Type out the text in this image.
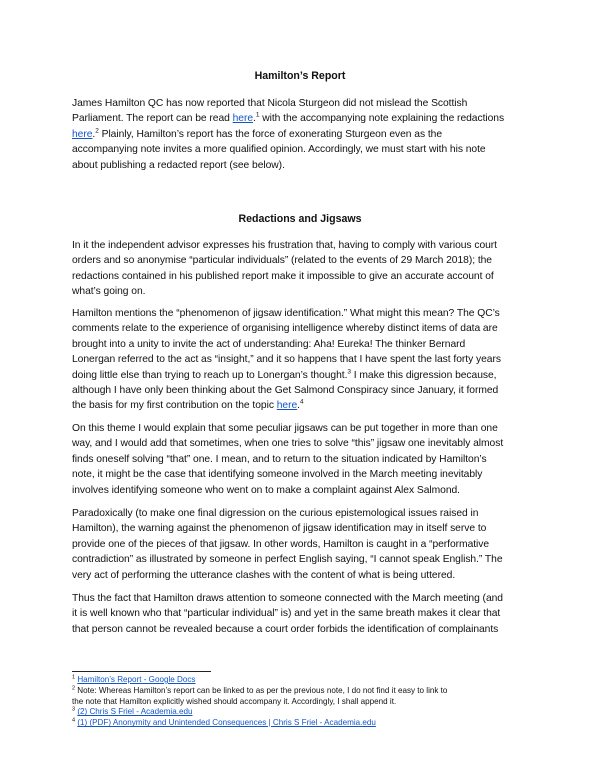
Hamilton’s Report

James Hamilton QC has now reported that Nicola Sturgeon did not mislead the Scottish
Parliament. The report can be read here.$^1$ with the accompanying note explaining the redactions
here.$^2$ Plainly, Hamilton’s report has the force of exonerating Sturgeon even as the
accompanying note invites a more qualified opinion. Accordingly, we must start with his note
about publishing a redacted report (see below).

Redactions and Jigsaws

In it the independent advisor expresses his frustration that, having to comply with various court
orders and so anonymise “particular individuals” (related to the events of 29 March 2018); the
redactions contained in his published report make it impossible to give an accurate account of
what’s going on.

Hamilton mentions the “phenomenon of jigsaw identification.” What might this mean? The QC’s
comments relate to the experience of organising intelligence whereby distinct items of data are
brought into a unity to invite the act of understanding: Aha! Eureka! The thinker Bernard
Lonergan referred to the act as “insight,” and it so happens that I have spent the last forty years
doing little else than trying to reach up to Lonergan’s thought.$^3$ I make this digression because,
although I have only been thinking about the Get Salmond Conspiracy since January, it formed
the basis for my first contribution on the topic here.$^4$

On this theme I would explain that some peculiar jigsaws can be put together in more than one
way, and I would add that sometimes, when one tries to solve “this” jigsaw one inevitably almost
finds oneself solving “that” one. I mean, and to return to the situation indicated by Hamilton’s
note, it might be the case that identifying someone involved in the March meeting inevitably
involves identifying someone who went on to make a complaint against Alex Salmond.

Paradoxically (to make one final digression on the curious epistemological issues raised in
Hamilton), the warning against the phenomenon of jigsaw identification may in itself serve to
provide one of the pieces of that jigsaw. In other words, Hamilton is caught in a “performative
contradiction” as illustrated by someone in perfect English saying, “I cannot speak English.” The
very act of performing the utterance clashes with the content of what is being uttered.

Thus the fact that Hamilton draws attention to someone connected with the March meeting (and
it is well known who that “particular individual” is) and yet in the same breath makes it clear that
that person cannot be revealed because a court order forbids the identification of complainants

$^1$ Hamilton’s Report - Google Docs
$^2$ Note: Whereas Hamilton’s report can be linked to as per the previous note, I do not find it easy to link to
the note that Hamilton explicitly wished should accompany it. Accordingly, I shall append it.
$^3$ (2) Chris S Friel - Academia.edu
$^4$ (1) (PDF) Anonymity and Unintended Consequences | Chris S Friel - Academia.edu
